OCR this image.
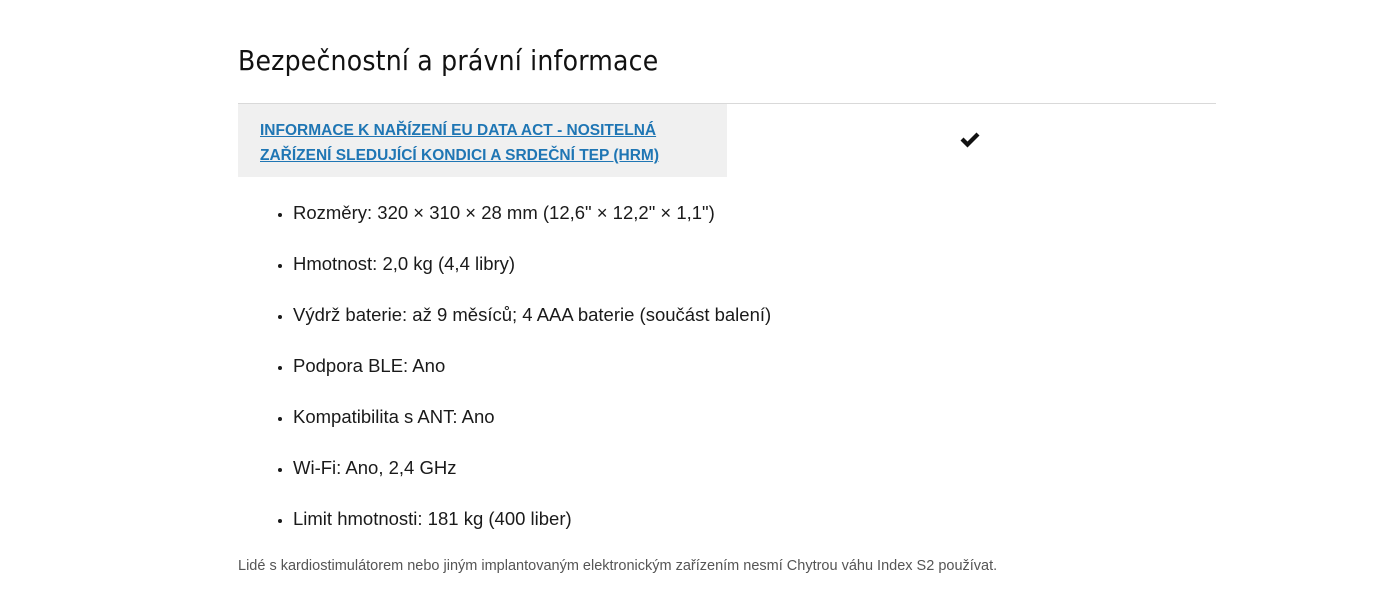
Bezpečnostní a právní informace
INFORMACE K NAŘÍZENÍ EU DATA ACT - NOSITELNÁ
ZAŘÍZENÍ SLEDUJÍCÍ KONDICI A SRDEČNÍ TEP (HRM)
• Rozměry: 320 × 310 × 28 mm (12,6" × 12,2" × 1,1")
• Hmotnost: 2,0 kg (4,4 libry)
• Výdrž baterie: až 9 měsíců; 4 AAA baterie (součást balení)
• Podpora BLE: Ano
• Kompatibilita s ANT: Ano
• Wi-Fi: Ano, 2,4 GHz
• Limit hmotnosti: 181 kg (400 liber)

Lidé s kardiostimulátorem nebo jiným implantovaným elektronickým zařízením nesmí Chytrou váhu Index S2 používat.
